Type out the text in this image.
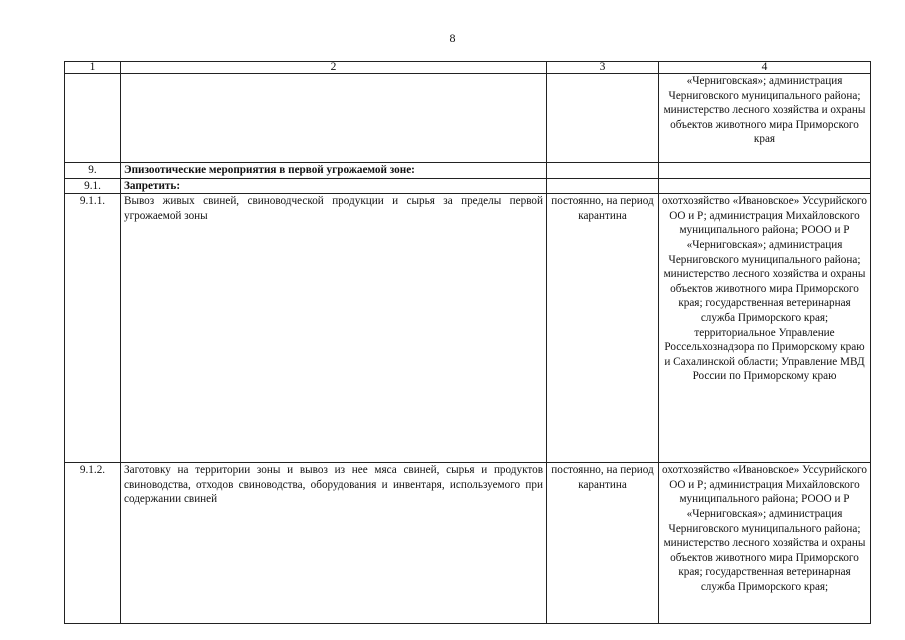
8
1	2	3	4
			«Черниговская»; администрация Черниговского муниципального района; министерство лесного хозяйства и охраны объектов животного мира Приморского края
9.	Эпизоотические мероприятия в первой угрожаемой зоне:		
9.1.	Запретить:		
9.1.1.	Вывоз живых свиней, свиноводческой продукции и сырья за пределы первой угрожаемой зоны	постоянно, на период карантина	охотхозяйство «Ивановское» Уссурийского ОО и Р; администрация Михайловского муниципального района; РООО и Р «Черниговская»; администрация Черниговского муниципального района; министерство лесного хозяйства и охраны объектов животного мира Приморского края; государственная ветеринарная служба Приморского края; территориальное Управление Россельхознадзора по Приморскому краю и Сахалинской области; Управление МВД России по Приморскому краю
9.1.2.	Заготовку на территории зоны и вывоз из нее мяса свиней, сырья и продуктов свиноводства, отходов свиноводства, оборудования и инвентаря, используемого при содержании свиней	постоянно, на период карантина	охотхозяйство «Ивановское» Уссурийского ОО и Р; администрация Михайловского муниципального района; РООО и Р «Черниговская»; администрация Черниговского муниципального района; министерство лесного хозяйства и охраны объектов животного мира Приморского края; государственная ветеринарная служба Приморского края;
